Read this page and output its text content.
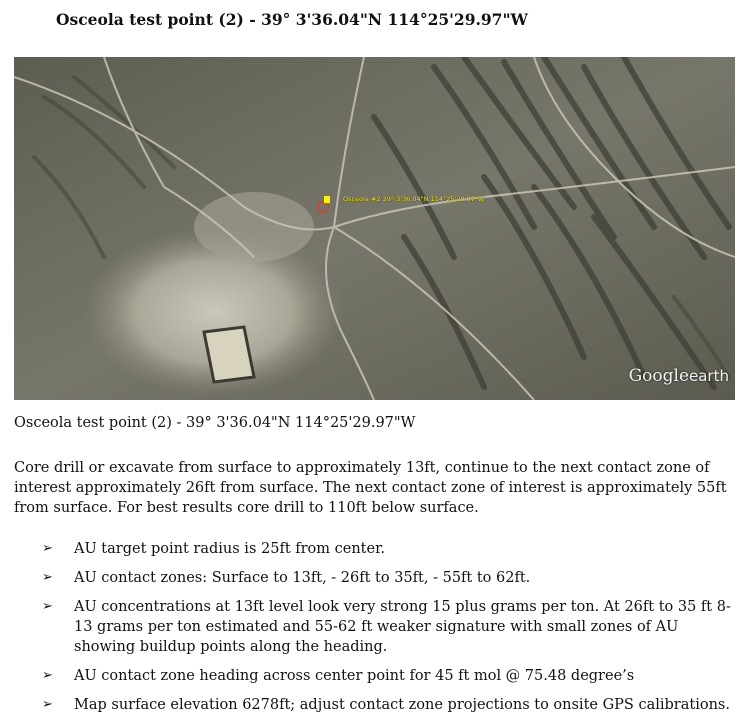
Osceola test point (2) - 39° 3'36.04"N 114°25'29.97"W
Osceola #2 39° 3'36.04"N 114°25'29.97"W
Googleearth
Osceola test point (2) - 39° 3'36.04"N 114°25'29.97"W
Core drill or excavate from surface to approximately 13ft, continue to the next contact zone of interest approximately 26ft from surface. The next contact zone of interest is approximately 55ft from surface. For best results core drill to 110ft below surface.
➢ AU target point radius is 25ft from center.
➢ AU contact zones: Surface to 13ft, - 26ft to 35ft, - 55ft to 62ft.
➢ AU concentrations at 13ft level look very strong 15 plus grams per ton. At 26ft to 35 ft 8-13 grams per ton estimated and 55-62 ft weaker signature with small zones of AU showing buildup points along the heading.
➢ AU contact zone heading across center point for 45 ft mol @ 75.48 degree’s
➢ Map surface elevation 6278ft; adjust contact zone projections to onsite GPS calibrations.
